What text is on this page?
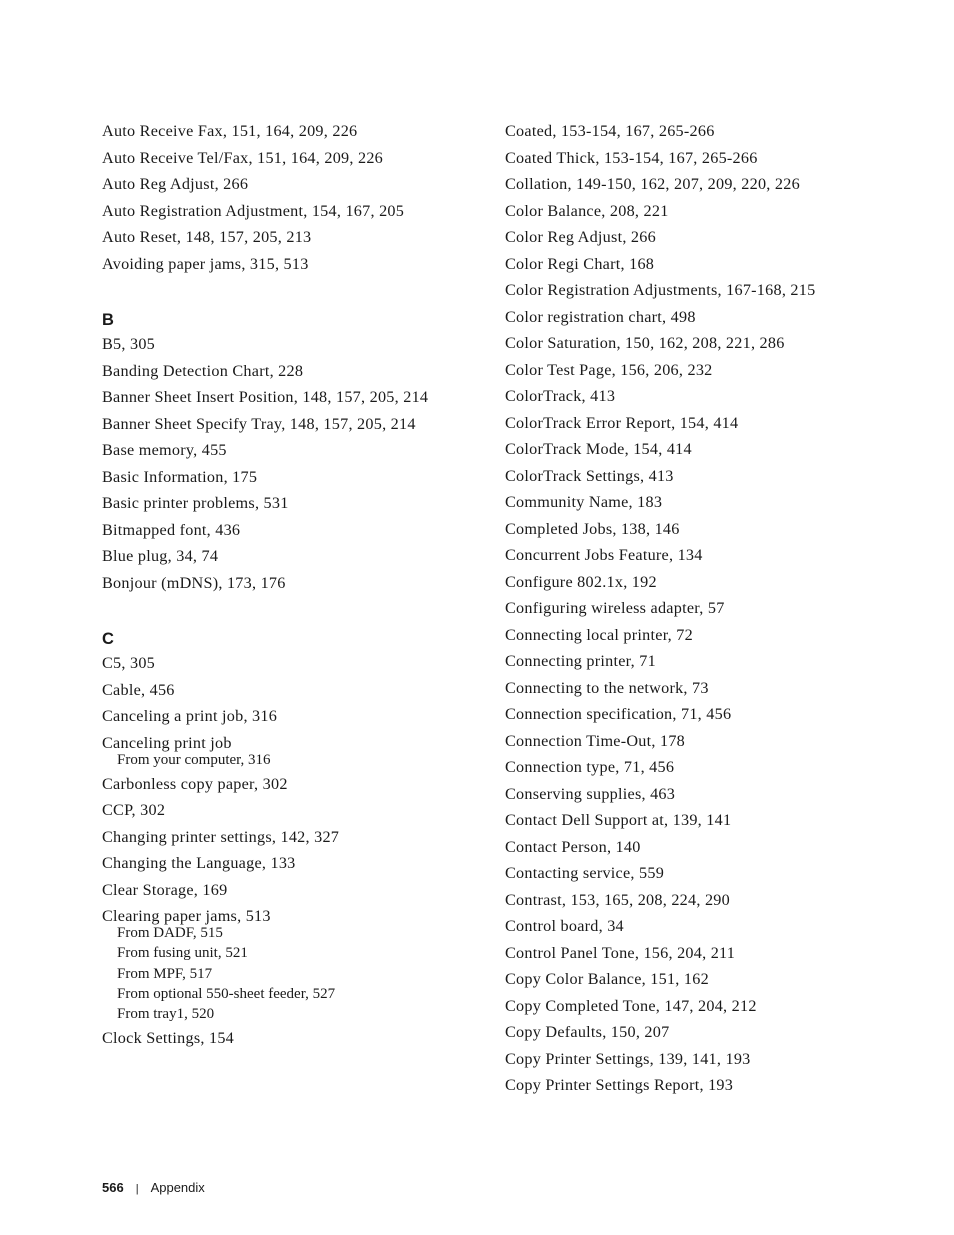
Auto Receive Fax, 151, 164, 209, 226
Auto Receive Tel/Fax, 151, 164, 209, 226
Auto Reg Adjust, 266
Auto Registration Adjustment, 154, 167, 205
Auto Reset, 148, 157, 205, 213
Avoiding paper jams, 315, 513
B
B5, 305
Banding Detection Chart, 228
Banner Sheet Insert Position, 148, 157, 205, 214
Banner Sheet Specify Tray, 148, 157, 205, 214
Base memory, 455
Basic Information, 175
Basic printer problems, 531
Bitmapped font, 436
Blue plug, 34, 74
Bonjour (mDNS), 173, 176
C
C5, 305
Cable, 456
Canceling a print job, 316
Canceling print job
From your computer, 316
Carbonless copy paper, 302
CCP, 302
Changing printer settings, 142, 327
Changing the Language, 133
Clear Storage, 169
Clearing paper jams, 513
From DADF, 515
From fusing unit, 521
From MPF, 517
From optional 550-sheet feeder, 527
From tray1, 520
Clock Settings, 154
Coated, 153-154, 167, 265-266
Coated Thick, 153-154, 167, 265-266
Collation, 149-150, 162, 207, 209, 220, 226
Color Balance, 208, 221
Color Reg Adjust, 266
Color Regi Chart, 168
Color Registration Adjustments, 167-168, 215
Color registration chart, 498
Color Saturation, 150, 162, 208, 221, 286
Color Test Page, 156, 206, 232
ColorTrack, 413
ColorTrack Error Report, 154, 414
ColorTrack Mode, 154, 414
ColorTrack Settings, 413
Community Name, 183
Completed Jobs, 138, 146
Concurrent Jobs Feature, 134
Configure 802.1x, 192
Configuring wireless adapter, 57
Connecting local printer, 72
Connecting printer, 71
Connecting to the network, 73
Connection specification, 71, 456
Connection Time-Out, 178
Connection type, 71, 456
Conserving supplies, 463
Contact Dell Support at, 139, 141
Contact Person, 140
Contacting service, 559
Contrast, 153, 165, 208, 224, 290
Control board, 34
Control Panel Tone, 156, 204, 211
Copy Color Balance, 151, 162
Copy Completed Tone, 147, 204, 212
Copy Defaults, 150, 207
Copy Printer Settings, 139, 141, 193
Copy Printer Settings Report, 193
566 | Appendix
